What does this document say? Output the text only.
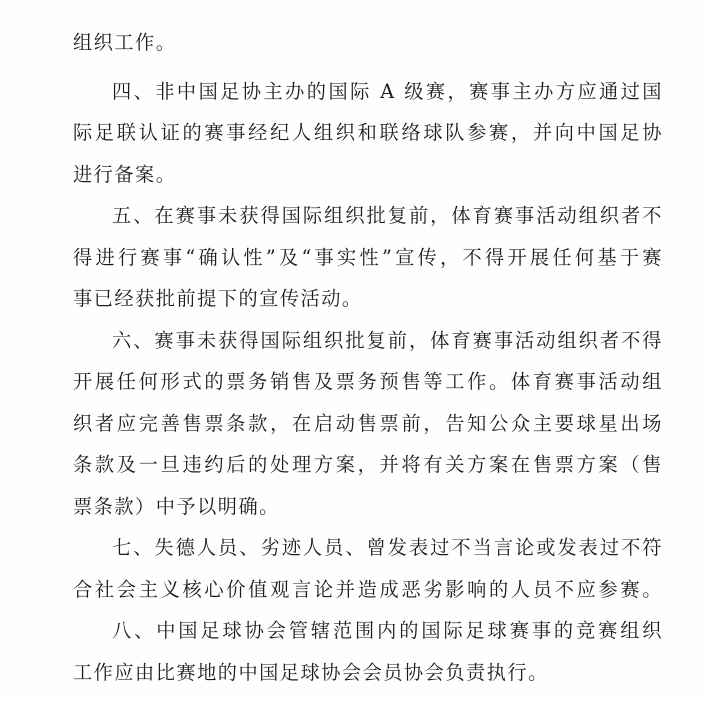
组织工作。
四、非中国足协主办的国际 A 级赛，赛事主办方应通过国
际足联认证的赛事经纪人组织和联络球队参赛，并向中国足协
进行备案。
五、在赛事未获得国际组织批复前，体育赛事活动组织者不
得进行赛事“确认性”及“事实性”宣传，不得开展任何基于赛
事已经获批前提下的宣传活动。
六、赛事未获得国际组织批复前，体育赛事活动组织者不得
开展任何形式的票务销售及票务预售等工作。体育赛事活动组
织者应完善售票条款，在启动售票前，告知公众主要球星出场
条款及一旦违约后的处理方案，并将有关方案在售票方案（售
票条款）中予以明确。
七、失德人员、劣迹人员、曾发表过不当言论或发表过不符
合社会主义核心价值观言论并造成恶劣影响的人员不应参赛。
八、中国足球协会管辖范围内的国际足球赛事的竞赛组织
工作应由比赛地的中国足球协会会员协会负责执行。
